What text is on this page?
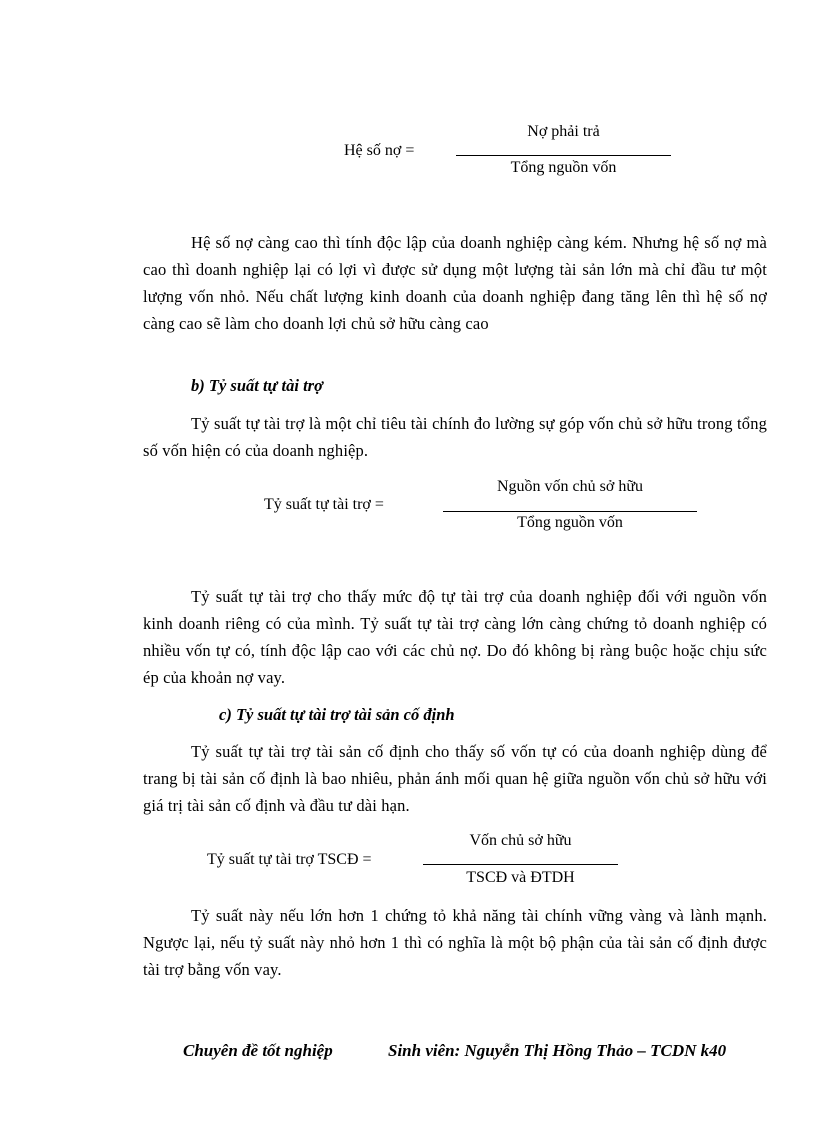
Hệ số nợ =
Nợ phải trả
Tổng nguồn vốn
Hệ số nợ càng cao thì tính độc lập của doanh nghiệp càng kém. Nhưng hệ số nợ mà cao thì doanh nghiệp lại có lợi vì được sử dụng một lượng tài sản lớn mà chỉ đầu tư một lượng vốn nhỏ. Nếu chất lượng kinh doanh của doanh nghiệp đang tăng lên thì hệ số nợ càng cao sẽ làm cho doanh lợi chủ sở hữu càng cao
b) Tỷ suất tự tài trợ
Tỷ suất tự tài trợ là một chỉ tiêu tài chính đo lường sự góp vốn chủ sở hữu trong tổng số vốn hiện có của doanh nghiệp.
Tỷ suất tự tài trợ =
Nguồn vốn chủ sở hữu
Tổng nguồn vốn
Tỷ suất tự tài trợ cho thấy mức độ tự tài trợ của doanh nghiệp đối với nguồn vốn kinh doanh riêng có của mình. Tỷ suất tự tài trợ càng lớn càng chứng tỏ doanh nghiệp có nhiều vốn tự có, tính độc lập cao với các chủ nợ. Do đó không bị ràng buộc hoặc chịu sức ép của khoản nợ vay.
c) Tỷ suất tự tài trợ tài sản cố định
Tỷ suất tự tài trợ tài sản cố định cho thấy số vốn tự có của doanh nghiệp dùng để trang bị tài sản cố định là bao nhiêu, phản ánh mối quan hệ giữa nguồn vốn chủ sở hữu với giá trị tài sản cố định và đầu tư dài hạn.
Tỷ suất tự tài trợ TSCĐ =
Vốn chủ sở hữu
TSCĐ và ĐTDH
Tỷ suất này nếu lớn hơn 1 chứng tỏ khả năng tài chính vững vàng và lành mạnh. Ngược lại, nếu tỷ suất này nhỏ hơn 1 thì có nghĩa là một bộ phận của tài sản cố định được tài trợ bằng vốn vay.
Chuyên đề tốt nghiệp	Sinh viên: Nguyễn Thị Hồng Thảo – TCDN k40
